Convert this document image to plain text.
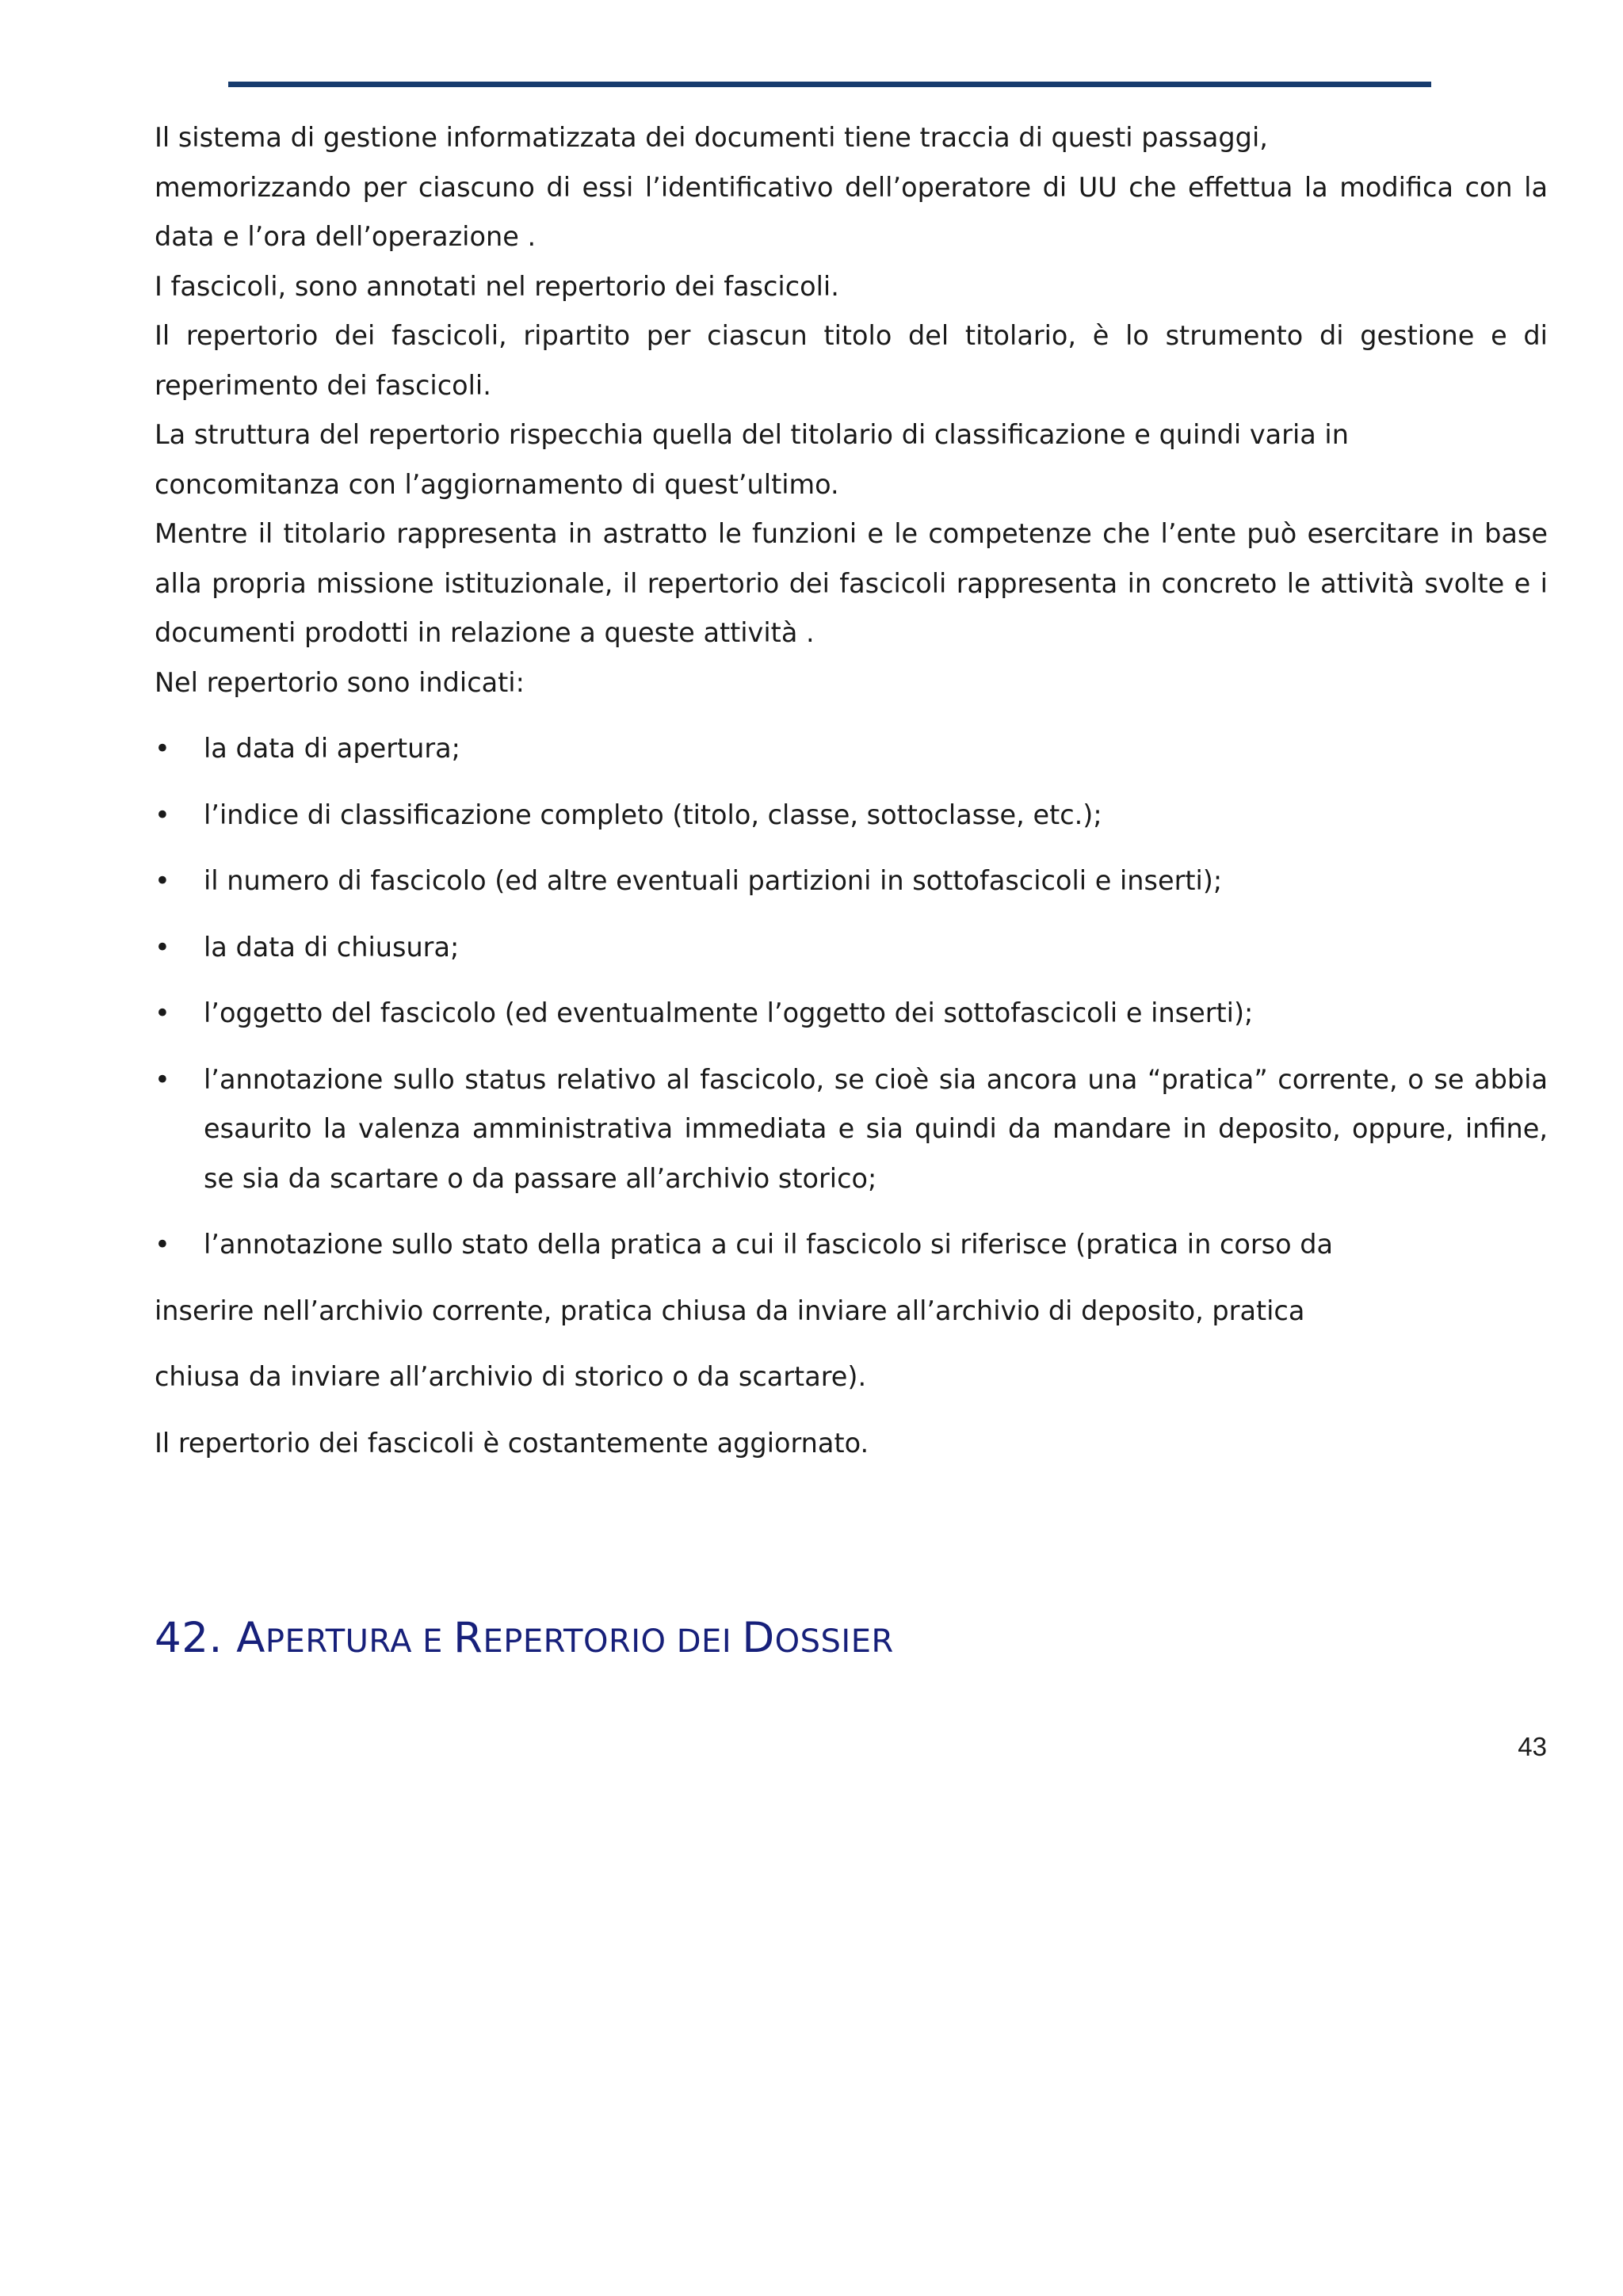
Il sistema di gestione informatizzata dei documenti tiene traccia di questi passaggi,

memorizzando per ciascuno di essi l’identificativo dell’operatore di UU che effettua la modifica con la data e l’ora dell’operazione .

I fascicoli, sono annotati nel repertorio dei fascicoli.

Il repertorio dei fascicoli, ripartito per ciascun titolo del titolario, è lo strumento di gestione e di reperimento dei fascicoli.

La struttura del repertorio rispecchia quella del titolario di classificazione e quindi varia in

concomitanza con l’aggiornamento di quest’ultimo.

Mentre il titolario rappresenta in astratto le funzioni e le competenze che l’ente può esercitare in base alla propria missione istituzionale, il repertorio dei fascicoli rappresenta in concreto le attività svolte e i documenti prodotti in relazione a queste attività .

Nel repertorio sono indicati:

• la data di apertura;
• l’indice di classificazione completo (titolo, classe, sottoclasse, etc.);
• il numero di fascicolo (ed altre eventuali partizioni in sottofascicoli e inserti);
• la data di chiusura;
• l’oggetto del fascicolo (ed eventualmente l’oggetto dei sottofascicoli e inserti);
• l’annotazione sullo status relativo al fascicolo, se cioè sia ancora una “pratica” corrente, o se abbia esaurito la valenza amministrativa immediata e sia quindi da mandare in deposito, oppure, infine, se sia da scartare o da passare all’archivio storico;
• l’annotazione sullo stato della pratica a cui il fascicolo si riferisce (pratica in corso da

inserire nell’archivio corrente, pratica chiusa da inviare all’archivio di deposito, pratica

chiusa da inviare all’archivio di storico o da scartare).

Il repertorio dei fascicoli è costantemente aggiornato.

42. APERTURA E REPERTORIO DEI DOSSIER
43
